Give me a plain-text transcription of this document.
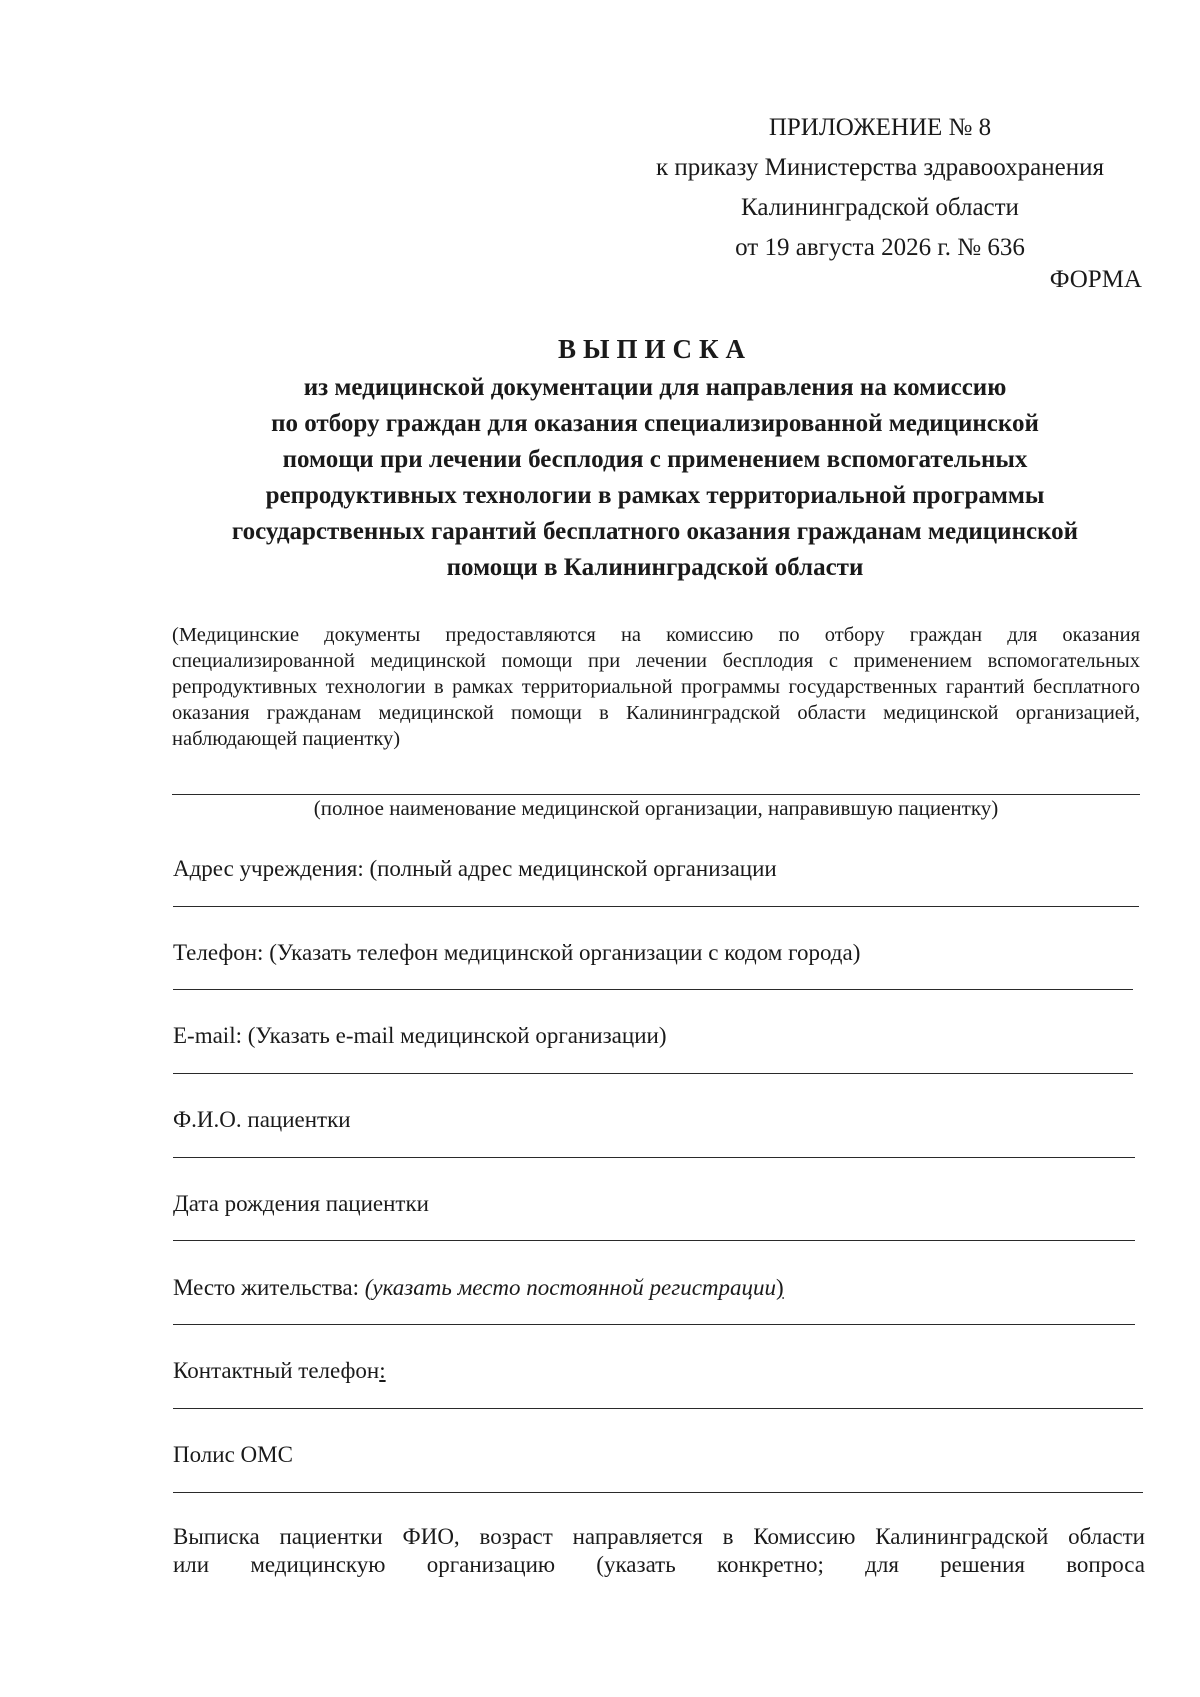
ПРИЛОЖЕНИЕ № 8
к приказу Министерства здравоохранения
Калининградской области
от 19 августа 2026 г. № 636
ФОРМА
ВЫПИСКА
из медицинской документации для направления на комиссию
по отбору граждан для оказания специализированной медицинской
помощи при лечении бесплодия с применением вспомогательных
репродуктивных технологии в рамках территориальной программы
государственных гарантий бесплатного оказания гражданам медицинской
помощи в Калининградской области
(Медицинские документы предоставляются на комиссию по отбору граждан для оказания специализированной медицинской помощи при лечении бесплодия с применением вспомогательных репродуктивных технологии в рамках территориальной программы государственных гарантий бесплатного оказания гражданам медицинской помощи в Калининградской области медицинской организацией, наблюдающей пациентку)
(полное наименование медицинской организации, направившую пациентку)
Адрес учреждения: (полный адрес медицинской организации
Телефон: (Указать телефон медицинской организации с кодом города)
E-mail: (Указать e-mail медицинской организации)
Ф.И.О. пациентки
Дата рождения пациентки
Место жительства: (указать место постоянной регистрации)
Контактный телефон:
Полис ОМС
Выписка пациентки ФИО, возраст направляется в Комиссию Калининградской области
или медицинскую организацию (указать конкретно; для решения вопроса
